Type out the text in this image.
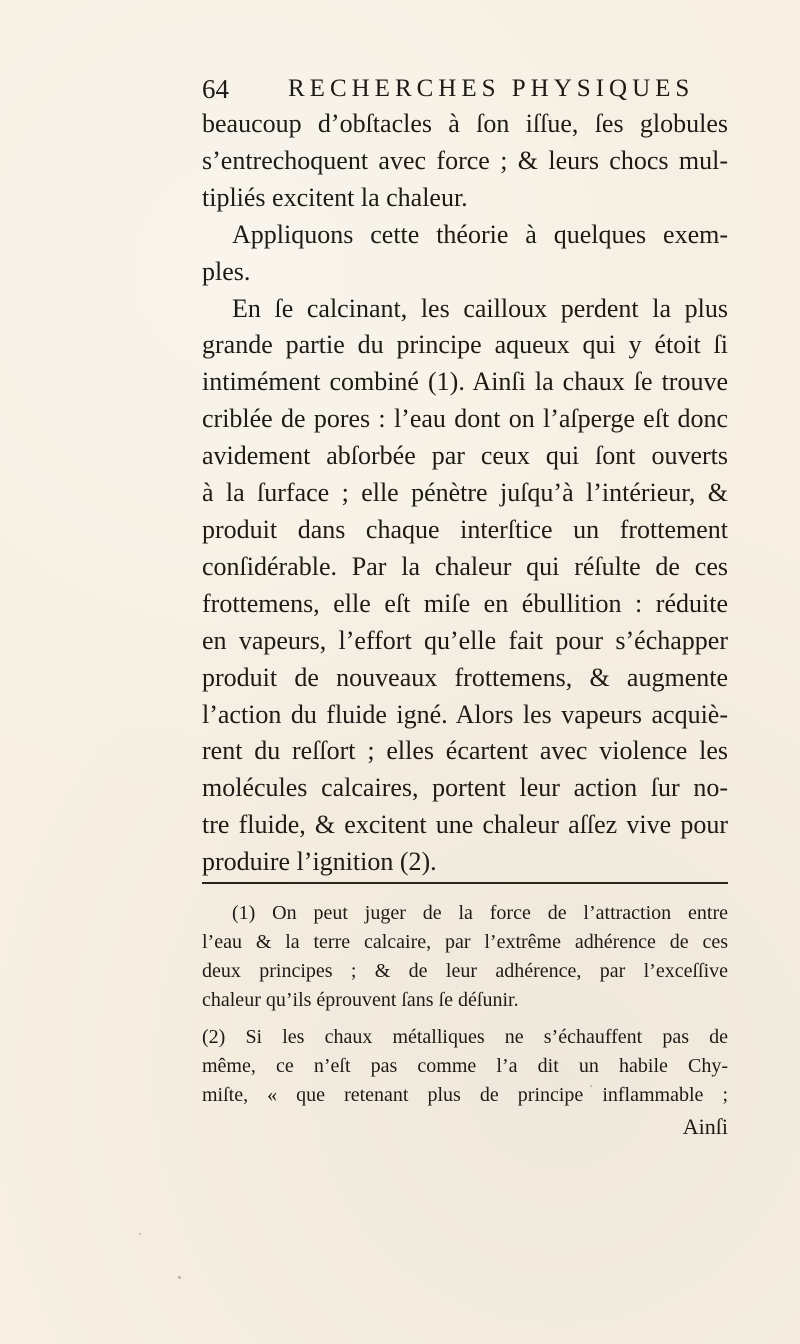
64 RECHERCHES PHYSIQUES
beaucoup d’obſtacles à ſon iſſue, ſes globules
s’entrechoquent avec force ; & leurs chocs mul-
tipliés excitent la chaleur.
Appliquons cette théorie à quelques exem-
ples.
En ſe calcinant, les cailloux perdent la plus
grande partie du principe aqueux qui y étoit ſi
intimément combiné (1). Ainſi la chaux ſe trouve
criblée de pores : l’eau dont on l’aſperge eſt donc
avidement abſorbée par ceux qui ſont ouverts
à la ſurface ; elle pénètre juſqu’à l’intérieur, &
produit dans chaque interſtice un frottement
conſidérable. Par la chaleur qui réſulte de ces
frottemens, elle eſt miſe en ébullition : réduite
en vapeurs, l’effort qu’elle fait pour s’échapper
produit de nouveaux frottemens, & augmente
l’action du fluide igné. Alors les vapeurs acquiè-
rent du reſſort ; elles écartent avec violence les
molécules calcaires, portent leur action ſur no-
tre fluide, & excitent une chaleur aſſez vive pour
produire l’ignition (2).
(1) On peut juger de la force de l’attraction entre
l’eau & la terre calcaire, par l’extrême adhérence de ces
deux principes ; & de leur adhérence, par l’exceſſive
chaleur qu’ils éprouvent ſans ſe déſunir.
(2) Si les chaux métalliques ne s’échauffent pas de
même, ce n’eſt pas comme l’a dit un habile Chy-
miſte, « que retenant plus de principe inflammable ;
Ainſi
